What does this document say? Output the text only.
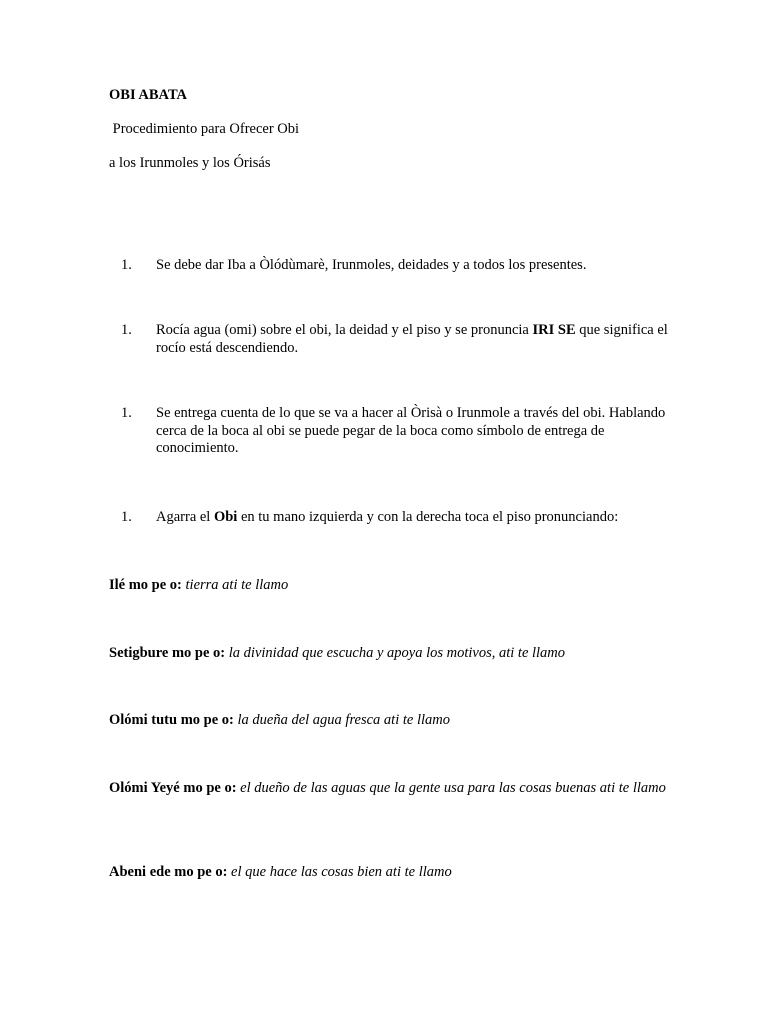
OBI ABATA
Procedimiento para Ofrecer Obi
a los Irunmoles y los Órisás
1.	Se debe dar Iba a Òlódùmarè, Irunmoles, deidades y a todos los presentes.
1.	Rocía agua (omi) sobre el obi, la deidad y el piso y se pronuncia IRI SE que significa el rocío está descendiendo.
1.	Se entrega cuenta de lo que se va a hacer al Òrisà o Irunmole a través del obi. Hablando cerca de la boca al obi se puede pegar de la boca como símbolo de entrega de conocimiento.
1.	Agarra el Obi en tu mano izquierda y con la derecha toca el piso pronunciando:
Ilé mo pe o: tierra ati te llamo
Setigbure mo pe o: la divinidad que escucha y apoya los motivos, ati te llamo
Olómi tutu mo pe o: la dueña del agua fresca ati te llamo
Olómi Yeyé mo pe o: el dueño de las aguas que la gente usa para las cosas buenas ati te llamo
Abeni ede mo pe o: el que hace las cosas bien ati te llamo
